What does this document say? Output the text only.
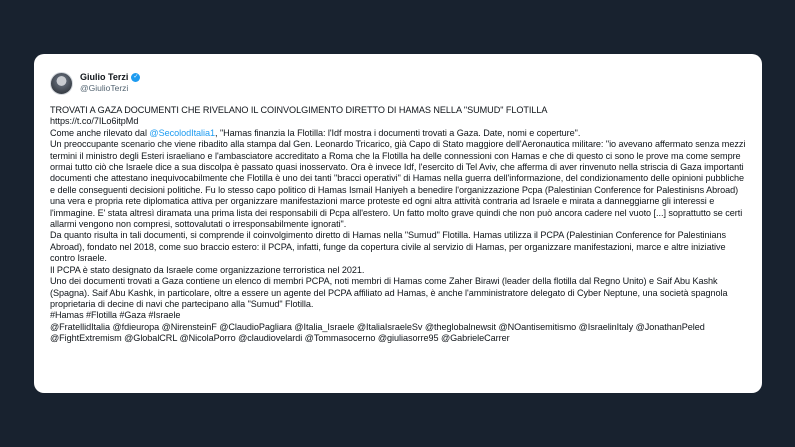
Giulio Terzi ✓
@GiulioTerzi

TROVATI A GAZA DOCUMENTI CHE RIVELANO IL COINVOLGIMENTO DIRETTO DI HAMAS NELLA "SUMUD" FLOTILLA

https://t.co/7ILo6itpMd

Come anche rilevato dal @SecolodItalia1, "Hamas finanzia la Flotilla: l'Idf mostra i documenti trovati a Gaza. Date, nomi e coperture".

Un preoccupante scenario che viene ribadito alla stampa dal Gen. Leonardo Tricarico, già Capo di Stato maggiore dell'Aeronautica militare: "io avevano affermato senza mezzi termini il ministro degli Esteri israeliano e l'ambasciatore accreditato a Roma che la Flotilla ha delle connessioni con Hamas e che di questo ci sono le prove ma come sempre ormai tutto ciò che Israele dice a sua discolpa è passato quasi inosservato. Ora è invece Idf, l'esercito di Tel Aviv, che afferma di aver rinvenuto nella striscia di Gaza importanti documenti che attestano inequivocabilmente che Flotilla è uno dei tanti "bracci operativi" di Hamas nella guerra dell'informazione, del condizionamento delle opinioni pubbliche e delle conseguenti decisioni politiche. Fu lo stesso capo politico di Hamas Ismail Haniyeh a benedire l'organizzazione Pcpa (Palestinian Conference for Palestinisns Abroad) una vera e propria rete diplomatica attiva per organizzare manifestazioni marce proteste ed ogni altra attività contraria ad Israele e mirata a danneggiarne gli interessi e l'immagine. E' stata altresì diramata una prima lista dei responsabili di Pcpa all'estero. Un fatto molto grave quindi che non può ancora cadere nel vuoto [...] soprattutto se certi allarmi vengono non compresi, sottovalutati o irresponsabilmente ignorati".

Da quanto risulta in tali documenti, si comprende il coinvolgimento diretto di Hamas nella "Sumud" Flotilla. Hamas utilizza il PCPA (Palestinian Conference for Palestinians Abroad), fondato nel 2018, come suo braccio estero: il PCPA, infatti, funge da copertura civile al servizio di Hamas, per organizzare manifestazioni, marce e altre iniziative contro Israele.

Il PCPA è stato designato da Israele come organizzazione terroristica nel 2021.

Uno dei documenti trovati a Gaza contiene un elenco di membri PCPA, noti membri di Hamas come Zaher Birawi (leader della flotilla dal Regno Unito) e Saif Abu Kashk (Spagna). Saif Abu Kashk, in particolare, oltre a essere un agente del PCPA affiliato ad Hamas, è anche l'amministratore delegato di Cyber Neptune, una società spagnola proprietaria di decine di navi che partecipano alla "Sumud" Flotilla.

#Hamas #Flotilla #Gaza #Israele

@FratellidItalia @fdieuropa @NirensteinF @ClaudioPagliara @Italia_Israele @ItaliaIsraeleSv @theglobalnewsit @NOantisemitismo @IsraelinItaly @JonathanPeled @FightExtremism @GlobalCRL @NicolaPorro @claudiovelardi @Tommasocerno @giuliasorre95 @GabrieleCarrer
